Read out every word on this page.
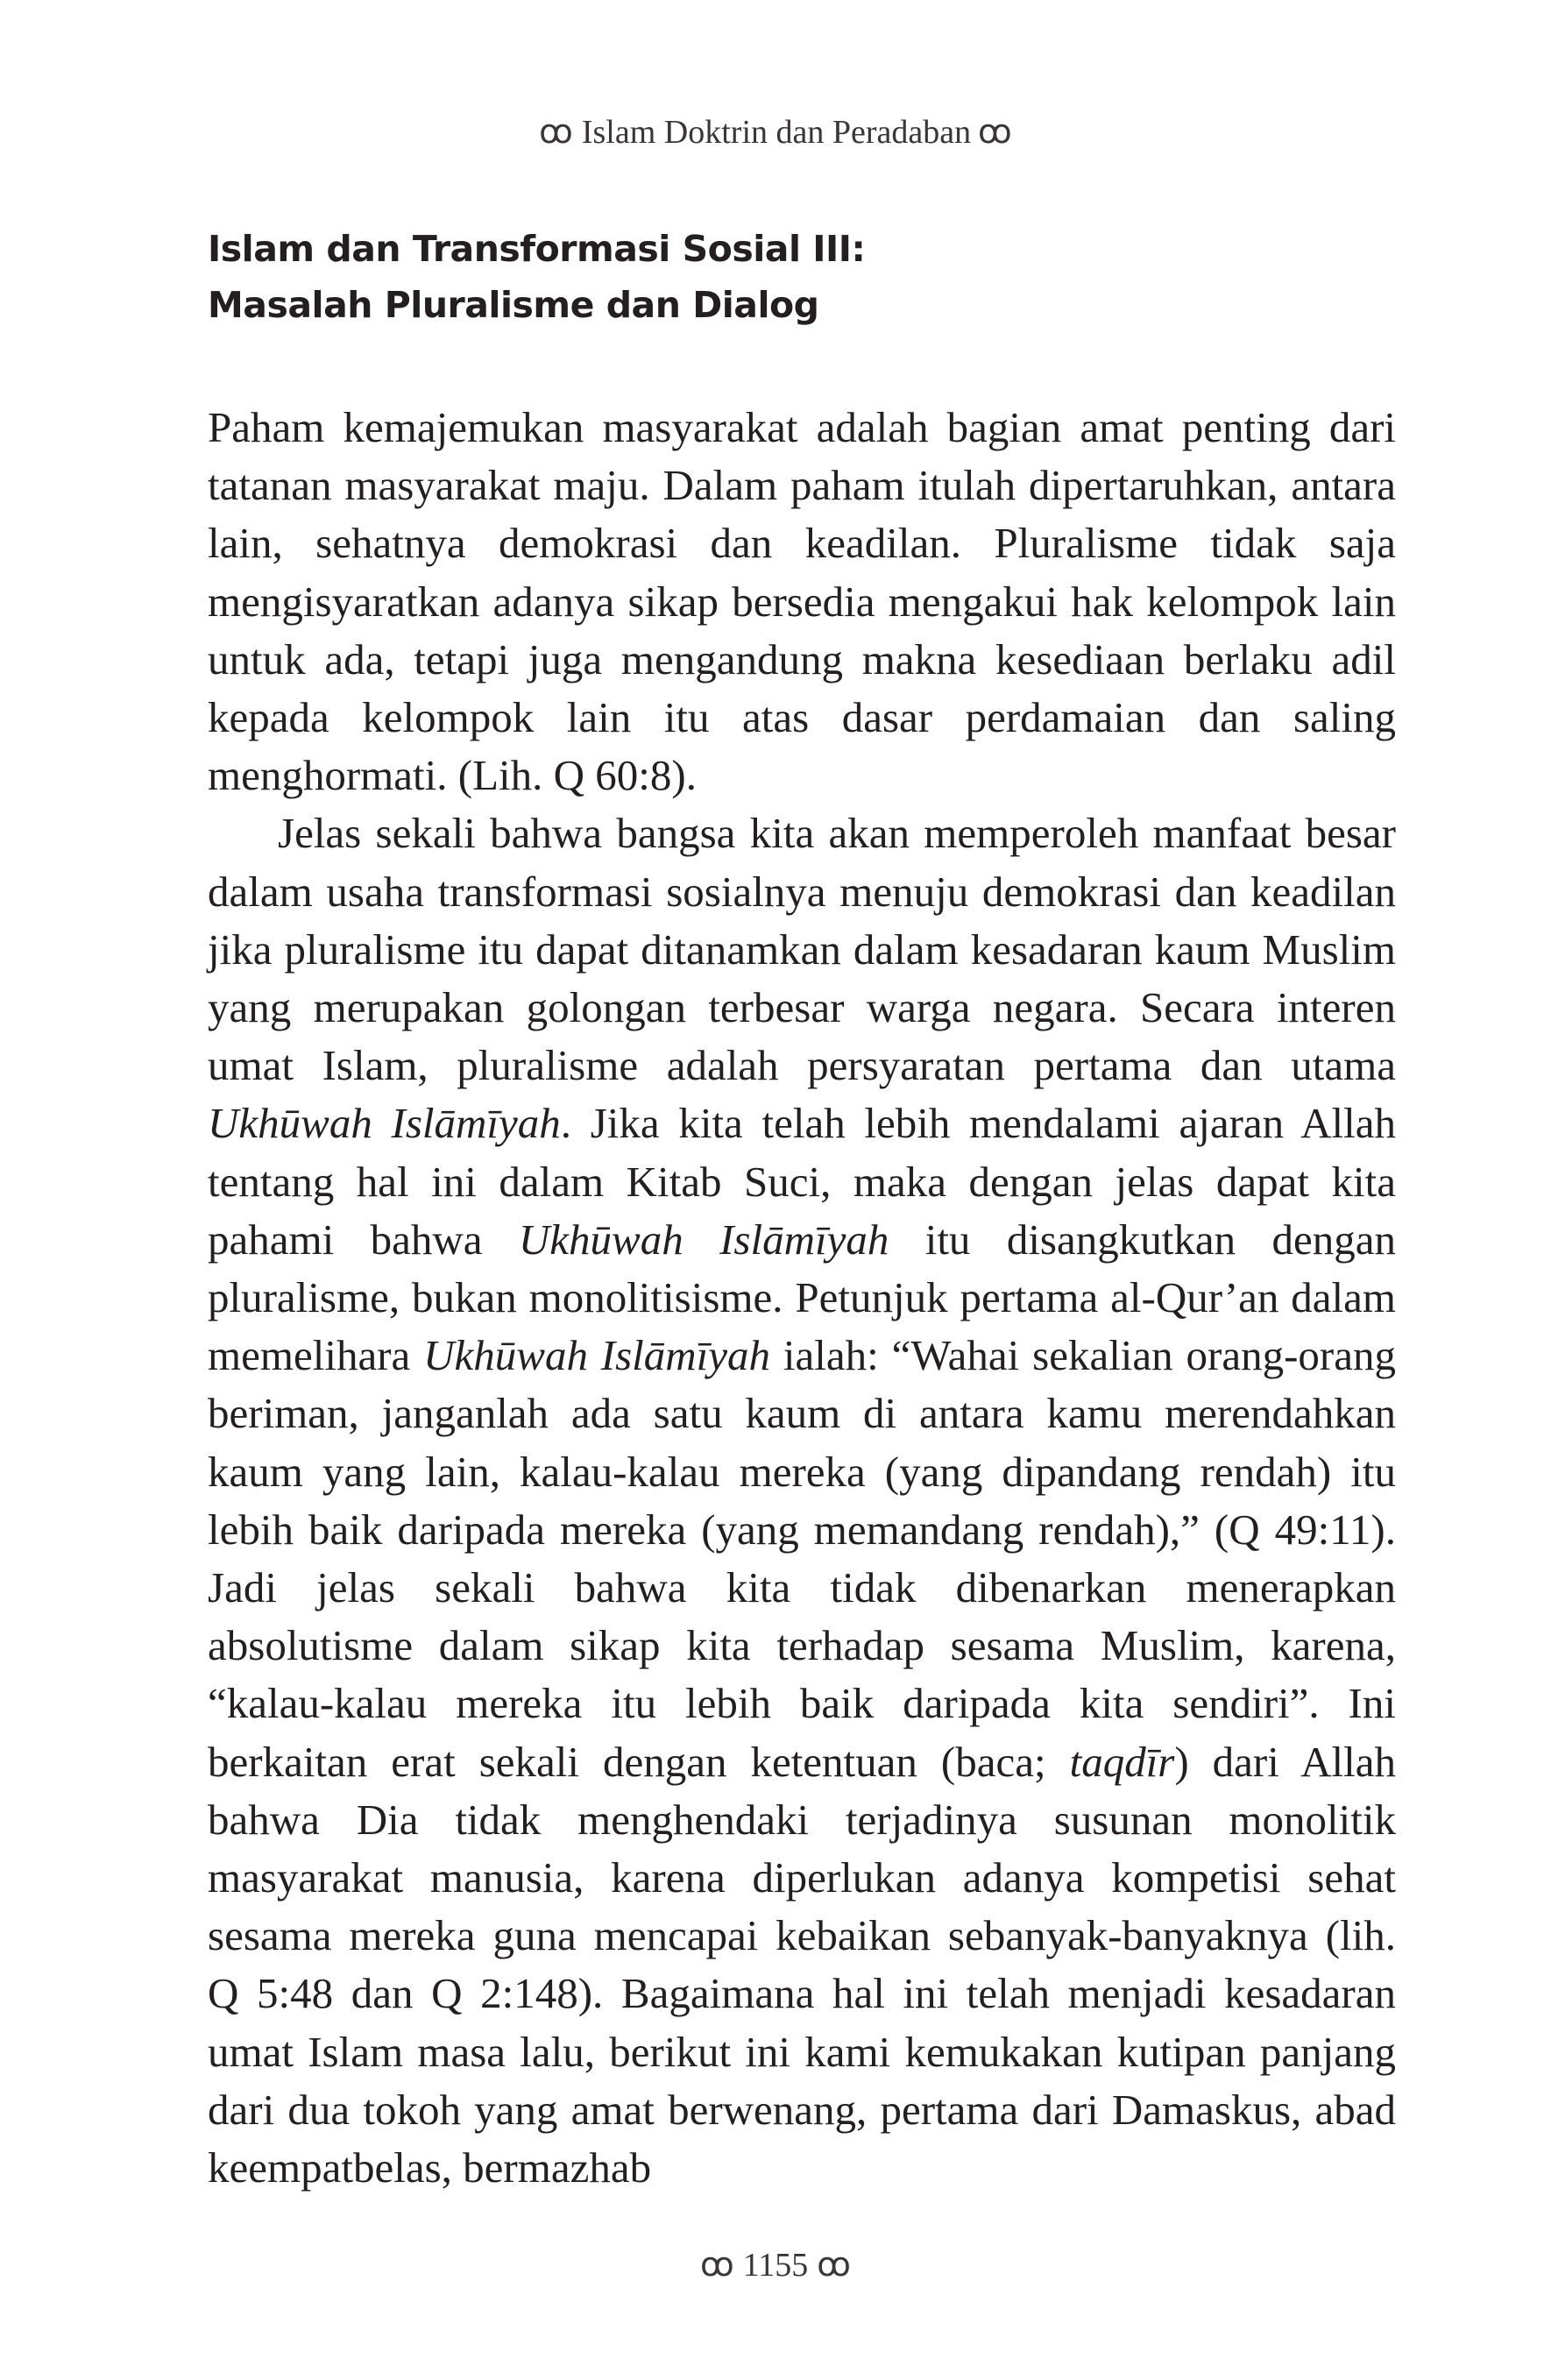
ꝏ Islam Doktrin dan Peradaban ꝏ
Islam dan Transformasi Sosial III:
Masalah Pluralisme dan Dialog

Paham kemajemukan masyarakat adalah bagian amat penting dari tatanan masyarakat maju. Dalam paham itulah dipertaruhkan, antara lain, sehatnya demokrasi dan keadilan. Pluralisme tidak saja mengisyaratkan adanya sikap bersedia mengakui hak kelompok lain untuk ada, tetapi juga mengandung makna kesediaan berlaku adil kepada kelompok lain itu atas dasar perdamaian dan saling menghormati. (Lih. Q 60:8).

Jelas sekali bahwa bangsa kita akan memperoleh manfaat besar dalam usaha transformasi sosialnya menuju demokrasi dan keadilan jika pluralisme itu dapat ditanamkan dalam kesadaran kaum Muslim yang merupakan golongan terbesar warga negara. Secara interen umat Islam, pluralisme adalah persyaratan pertama dan utama Ukhūwah Islāmīyah. Jika kita telah lebih mendalami ajaran Allah tentang hal ini dalam Kitab Suci, maka dengan jelas dapat kita pahami bahwa Ukhūwah Islāmīyah itu disangkutkan dengan pluralisme, bukan monolitisisme. Petunjuk pertama al-Qur’an dalam memelihara Ukhūwah Islāmīyah ialah: “Wahai sekalian orang-orang beriman, janganlah ada satu kaum di antara kamu merendahkan kaum yang lain, kalau-kalau mereka (yang dipandang rendah) itu lebih baik daripada mereka (yang memandang rendah),” (Q 49:11). Jadi jelas sekali bahwa kita tidak dibenarkan menerapkan absolutisme dalam sikap kita terhadap sesama Muslim, karena, “kalau-kalau mereka itu lebih baik daripada kita sendiri”. Ini berkaitan erat sekali dengan ketentuan (baca; taqdīr) dari Allah bahwa Dia tidak menghendaki terjadinya susunan monolitik masyarakat manusia, karena diperlukan adanya kompetisi sehat sesama mereka guna mencapai kebaikan sebanyak-banyaknya (lih. Q 5:48 dan Q 2:148). Bagaimana hal ini telah menjadi kesadaran umat Islam masa lalu, berikut ini kami kemukakan kutipan panjang dari dua tokoh yang amat berwenang, pertama dari Damaskus, abad keempatbelas, bermazhab

ꝏ 1155 ꝏ
